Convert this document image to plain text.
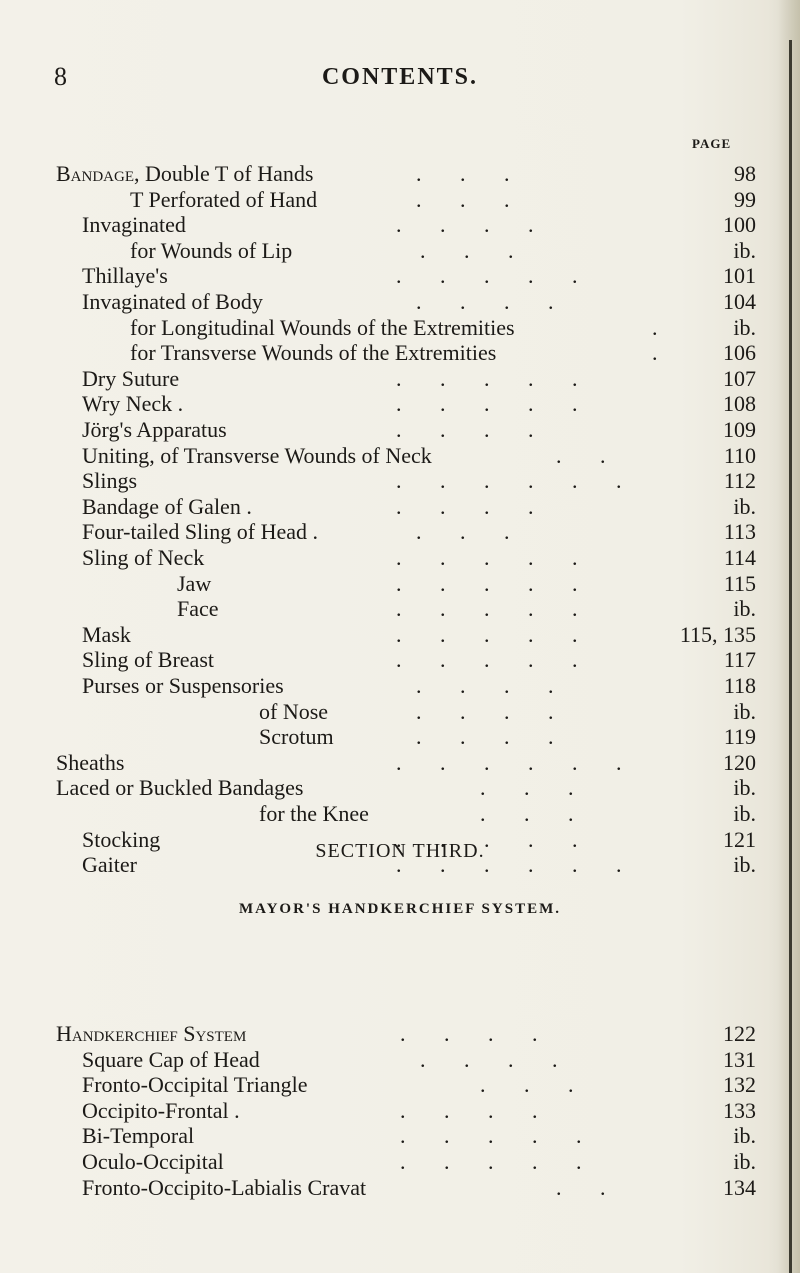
8	CONTENTS.
PAGE
Bandage, Double T of Hands	.       .       .	98
T Perforated of Hand	.       .       .	99
Invaginated	.       .       .       .	100
for Wounds of Lip	.       .       .	ib.
Thillaye's	.       .       .       .       .	101
Invaginated of Body	.       .       .       .	104
for Longitudinal Wounds of the Extremities	.	ib.
for Transverse Wounds of the Extremities	.	106
Dry Suture	.       .       .       .       .	107
Wry Neck .	.       .       .       .       .	108
Jörg's Apparatus	.       .       .       .	109
Uniting, of Transverse Wounds of Neck	.       .	110
Slings	.       .       .       .       .       .	112
Bandage of Galen .	.       .       .       .	ib.
Four-tailed Sling of Head .	.       .       .	113
Sling of Neck	.       .       .       .       .	114
Jaw	.       .       .       .       .	115
Face	.       .       .       .       .	ib.
Mask	.       .       .       .       .	115, 135
Sling of Breast	.       .       .       .       .	117
Purses or Suspensories	.       .       .       .	118
of Nose	.       .       .       .	ib.
Scrotum	.       .       .       .	119
Sheaths	.       .       .       .       .       .	120
Laced or Buckled Bandages	.       .       .	ib.
for the Knee	.       .       .	ib.
Stocking	.       .       .       .       .	121
Gaiter	.       .       .       .       .       .	ib.
SECTION THIRD.
MAYOR'S HANDKERCHIEF SYSTEM.
Handkerchief System	.       .       .       .	122
Square Cap of Head	.       .       .       .	131
Fronto-Occipital Triangle	.       .       .	132
Occipito-Frontal .	.       .       .       .	133
Bi-Temporal	.       .       .       .       .	ib.
Oculo-Occipital	.       .       .       .       .	ib.
Fronto-Occipito-Labialis Cravat	.       .	134
